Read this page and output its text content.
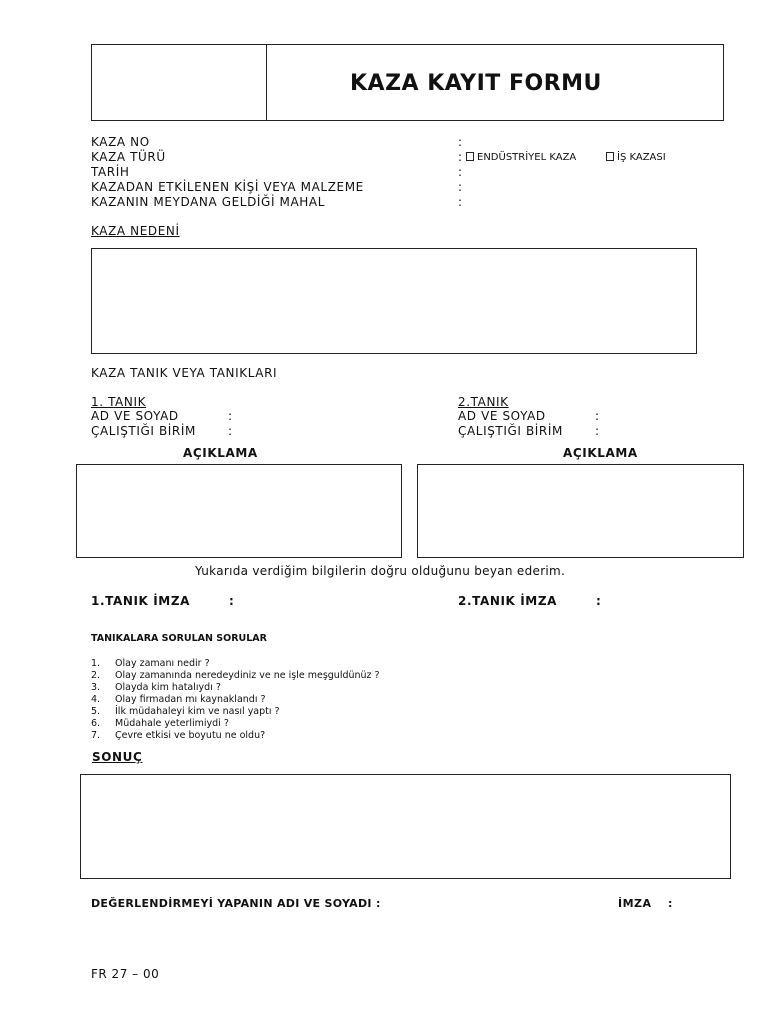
KAZA KAYIT FORMU
KAZA NO	:
KAZA TÜRÜ	:	ENDÜSTRİYEL KAZA	İŞ KAZASI
TARİH	:
KAZADAN ETKİLENEN KİŞİ VEYA MALZEME	:
KAZANIN MEYDANA GELDİĞİ MAHAL	:
KAZA NEDENİ
KAZA TANIK VEYA TANIKLARI
1. TANIK
AD VE SOYAD	:
ÇALIŞTIĞI BİRİM	:
2.TANIK
AD VE SOYAD	:
ÇALIŞTIĞI BİRİM	:
AÇIKLAMA	AÇIKLAMA
Yukarıda verdiğim bilgilerin doğru olduğunu beyan ederim.
1.TANIK İMZA	:	2.TANIK İMZA	:
TANIKALARA SORULAN SORULAR
1. Olay zamanı nedir ?
2. Olay zamanında neredeydiniz ve ne işle meşguldünüz ?
3. Olayda kim hatalıydı ?
4. Olay firmadan mı kaynaklandı ?
5. İlk müdahaleyi kim ve nasıl yaptı ?
6. Müdahale yeterlimiydi ?
7. Çevre etkisi ve boyutu ne oldu?
SONUÇ
DEĞERLENDİRMEYİ YAPANIN ADI VE SOYADI :	İMZA :
FR 27 – 00
